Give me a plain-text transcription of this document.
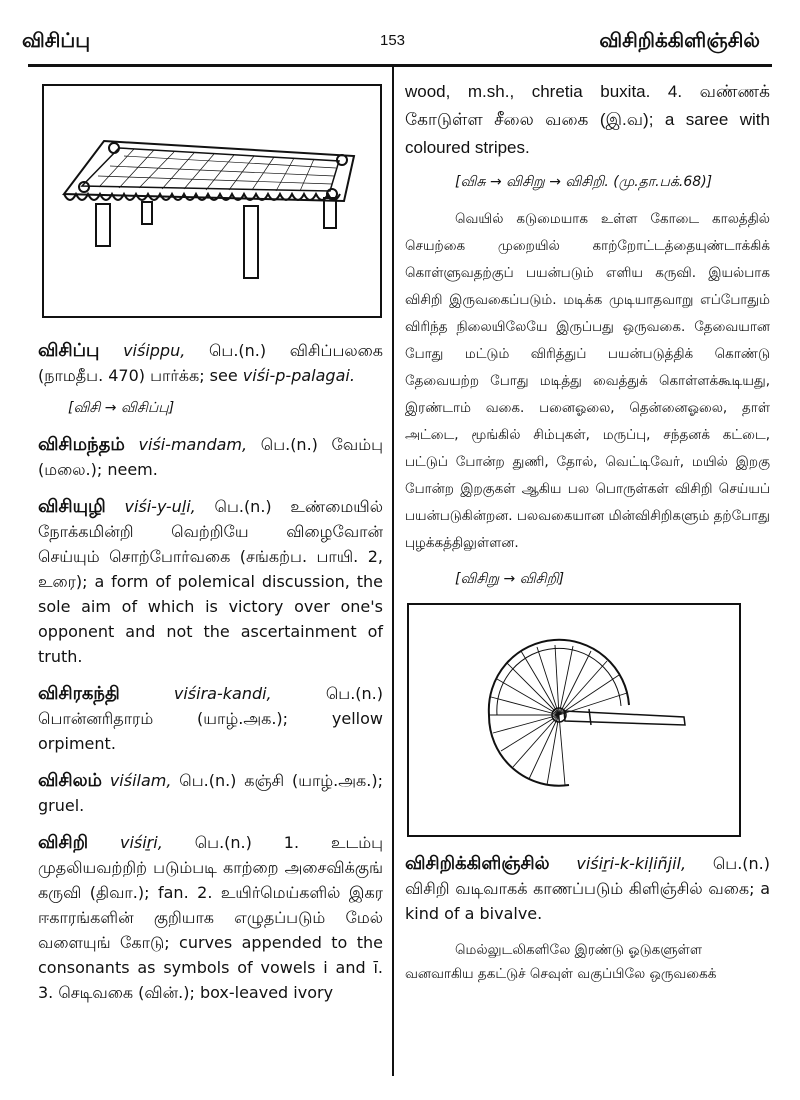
விசிப்பு	153	விசிறிக்கிளிஞ்சில்
விசிப்பு viśippu, பெ.(n.) விசிப்பலகை (நாமதீப. 470) பார்க்க; see viśi-p-palagai.
[விசி → விசிப்பு]
விசிமந்தம் viśi-mandam, பெ.(n.) வேம்பு (மலை.); neem.
விசியுழி viśi-y-uḻi, பெ.(n.) உண்மையில் நோக்கமின்றி வெற்றியே விழைவோன் செய்யும் சொற்போர்வகை (சங்கற்ப. பாயி. 2, உரை); a form of polemical discussion, the sole aim of which is victory over one's opponent and not the ascertainment of truth.
விசிரகந்தி	viśira-kandi, பெ.(n.) பொன்னரிதாரம் (யாழ்.அக.); yellow orpiment.
விசிலம் viśilam, பெ.(n.) கஞ்சி (யாழ்.அக.); gruel.
விசிறி viśiṟi, பெ.(n.) 1. உடம்பு முதலியவற்றிற் படும்படி காற்றை அசைவிக்குங் கருவி (திவா.); fan. 2. உயிர்மெய்களில் இகர ஈகாரங்களின் குறியாக எழுதப்படும் மேல் வளையுங் கோடு; curves appended to the consonants as symbols of vowels i and ī. 3. செடிவகை (வின்.); box-leaved ivory
wood, m.sh., chretia buxita. 4. வண்ணக் கோடுள்ள சீலை வகை (இ.வ); a saree with coloured stripes.
[விசு → விசிறு → விசிறி. (மு.தா.பக்.68)]
வெயில் கடுமையாக உள்ள கோடை காலத்தில் செயற்கை முறையில் காற்றோட்டத்தையுண்டாக்கிக் கொள்ளுவதற்குப் பயன்படும் எளிய கருவி. இயல்பாக விசிறி இருவகைப்படும். மடிக்க முடியாதவாறு எப்போதும் விரிந்த நிலையிலேயே இருப்பது ஒருவகை. தேவையான போது மட்டும் விரித்துப் பயன்படுத்திக் கொண்டு தேவையற்ற போது மடித்து வைத்துக் கொள்ளக்கூடியது, இரண்டாம் வகை. பனைஓலை, தென்னைஓலை, தாள் அட்டை, மூங்கில் சிம்புகள், மருப்பு, சந்தனக் கட்டை, பட்டுப் போன்ற துணி, தோல், வெட்டிவேர், மயில் இறகு போன்ற இறகுகள் ஆகிய பல பொருள்கள் விசிறி செய்யப் பயன்படுகின்றன. பலவகையான மின்விசிறிகளும் தற்போது புழக்கத்திலுள்ளன.
[விசிறு → விசிறி]
விசிறிக்கிளிஞ்சில் viśiṟi-k-kiḷiñjil, பெ.(n.) விசிறி வடிவாகக் காணப்படும் கிளிஞ்சில் வகை; a kind of a bivalve.
மெல்லுடலிகளிலே இரண்டு ஓடுகளுள்ள வனவாகிய தகட்டுச் செவுள் வகுப்பிலே ஒருவகைக்
